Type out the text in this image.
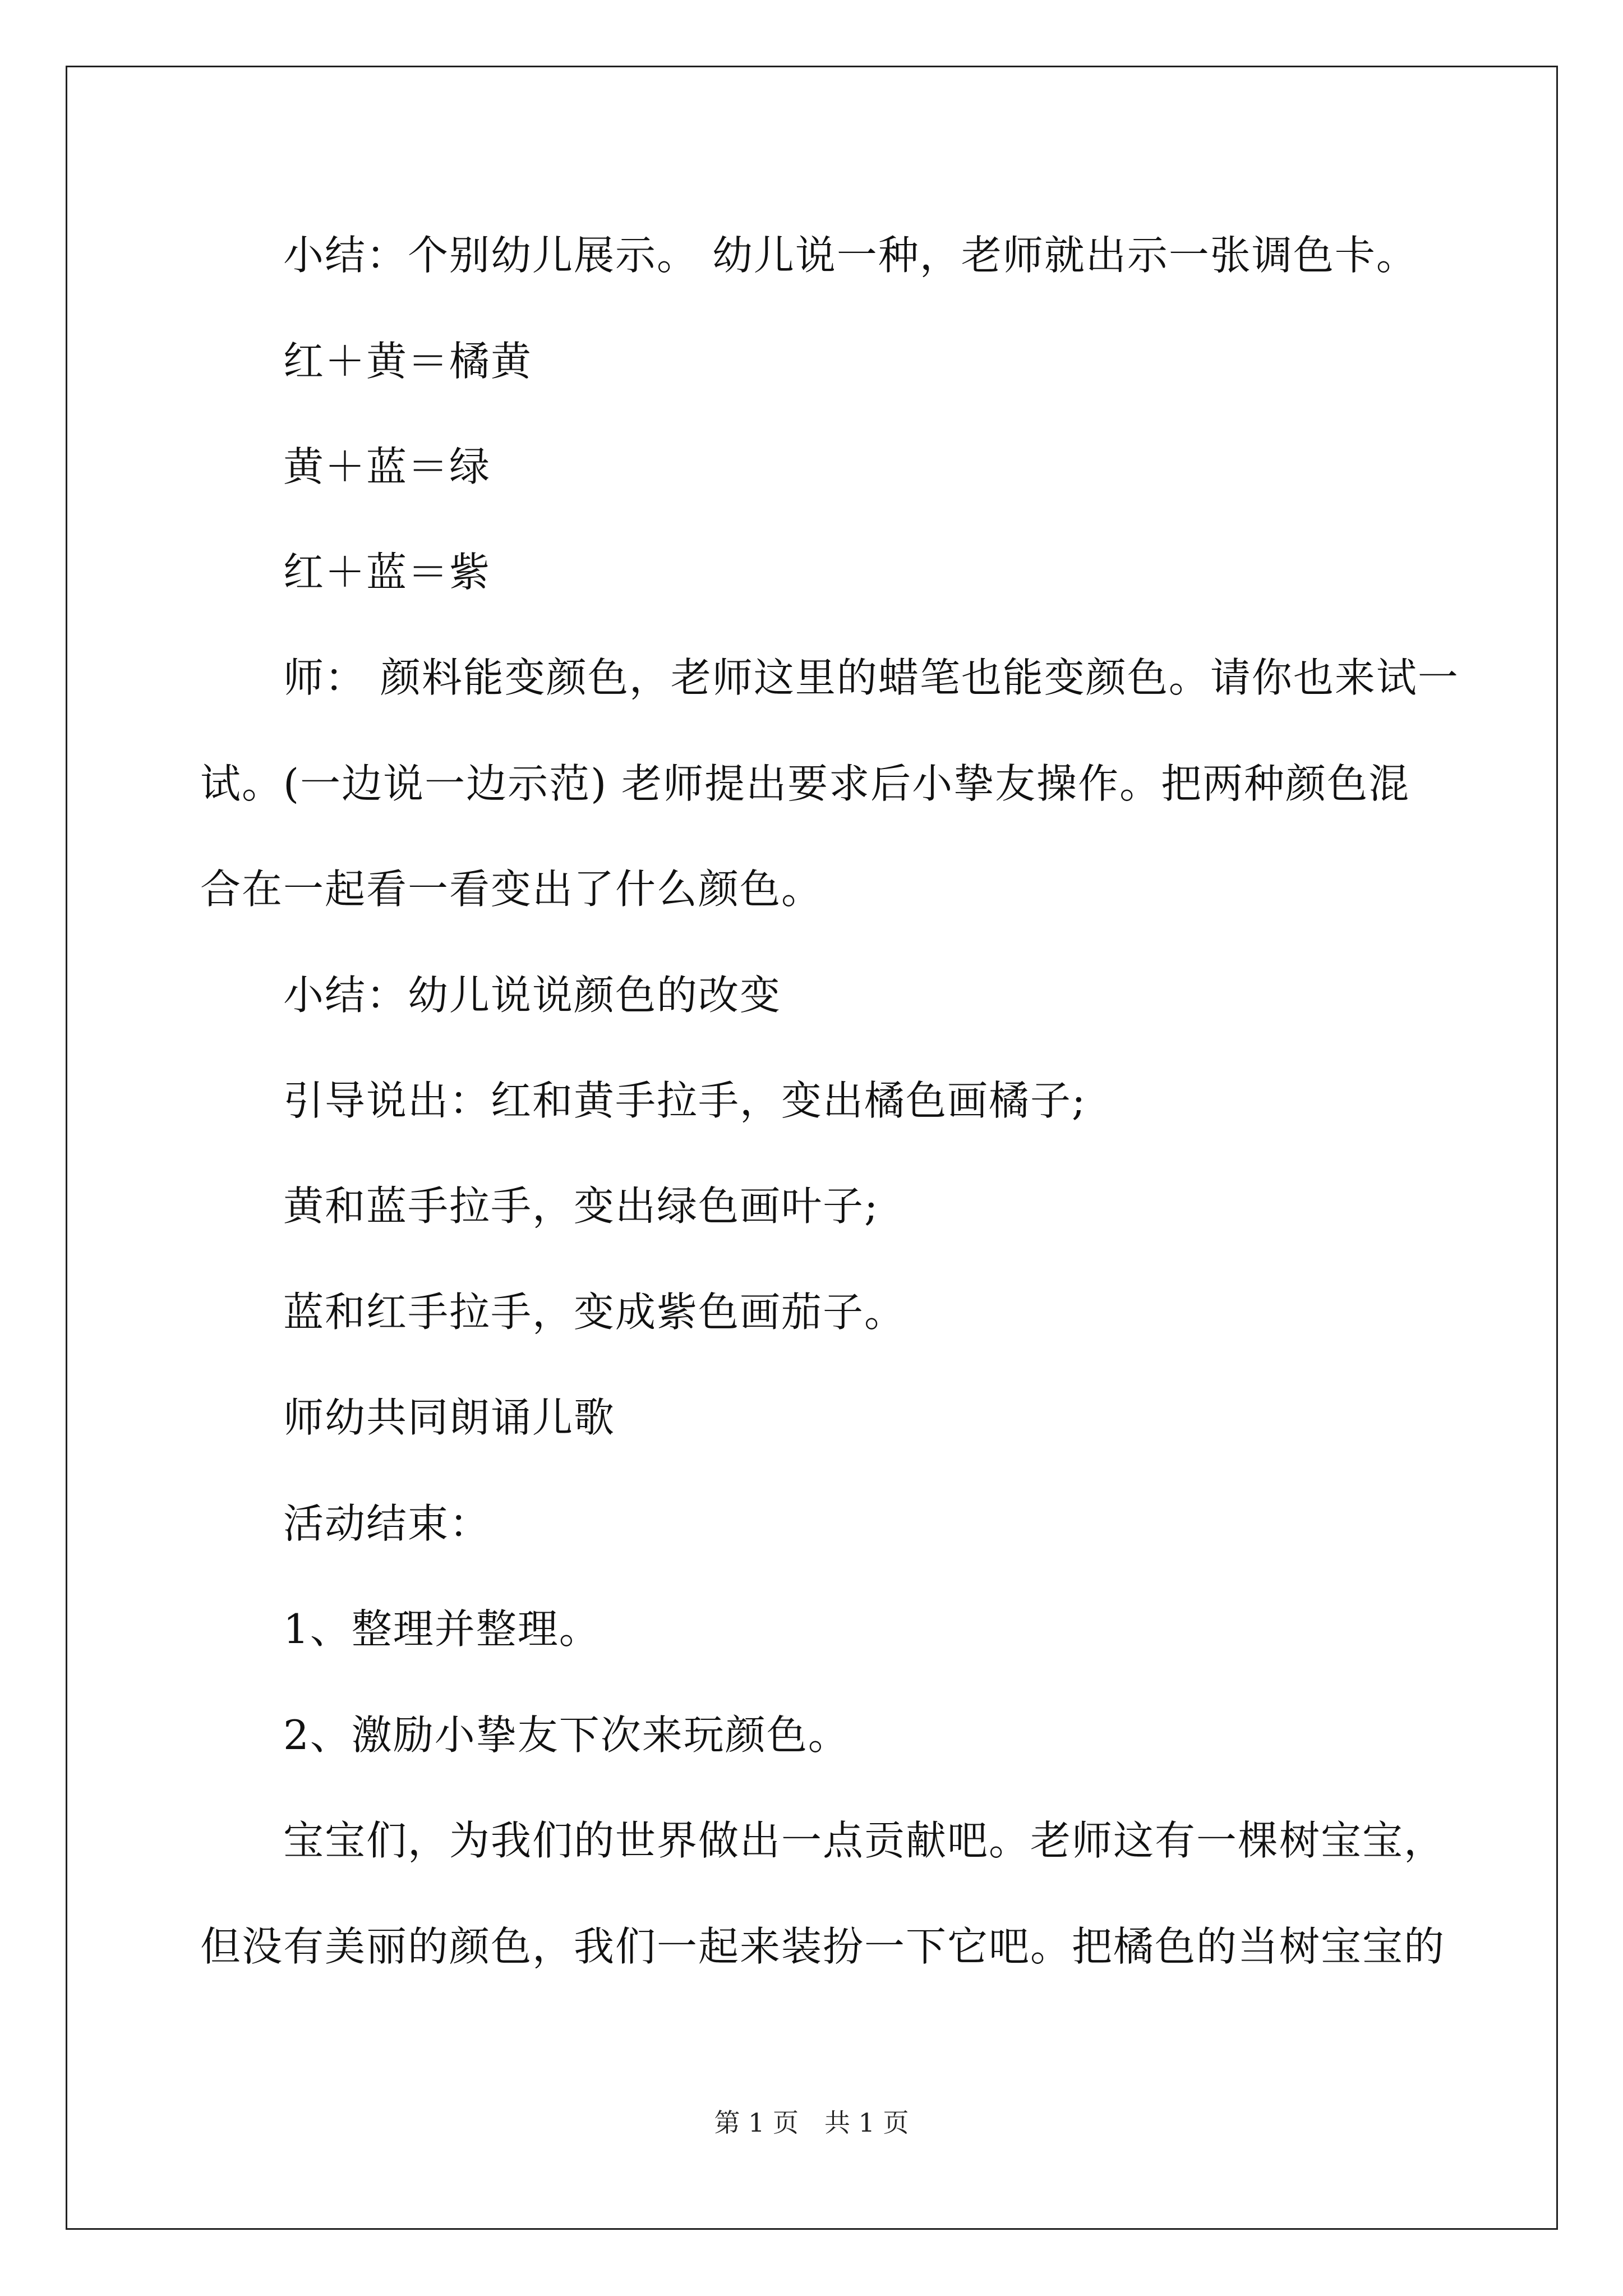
小结：个别幼儿展示。 幼儿说一种，老师就出示一张调色卡。
红＋黄＝橘黄
黄＋蓝＝绿
红＋蓝＝紫
师： 颜料能变颜色，老师这里的蜡笔也能变颜色。请你也来试一
试。(一边说一边示范) 老师提出要求后小挚友操作。把两种颜色混
合在一起看一看变出了什么颜色。
小结：幼儿说说颜色的改变
引导说出：红和黄手拉手，变出橘色画橘子;
黄和蓝手拉手，变出绿色画叶子;
蓝和红手拉手，变成紫色画茄子。
师幼共同朗诵儿歌
活动结束：
1、整理并整理。
2、激励小挚友下次来玩颜色。
宝宝们，为我们的世界做出一点贡献吧。老师这有一棵树宝宝，
但没有美丽的颜色，我们一起来装扮一下它吧。把橘色的当树宝宝的
第 1 页　共 1 页
